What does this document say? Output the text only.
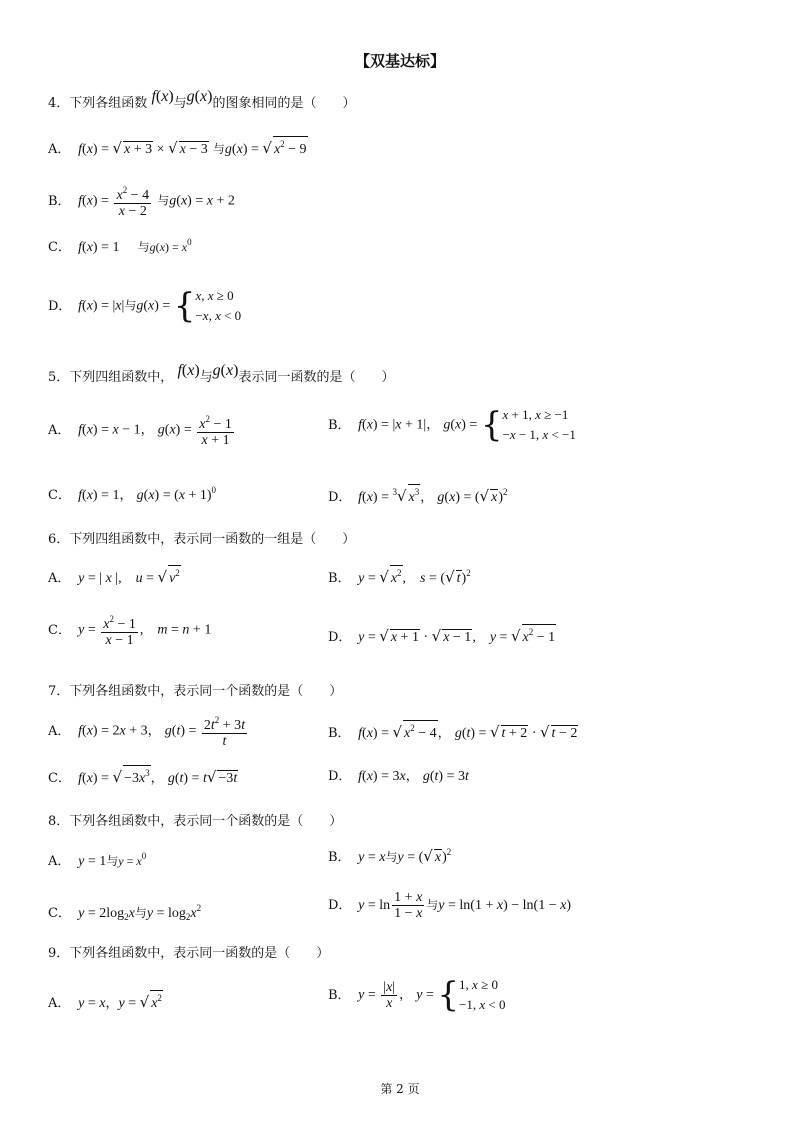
【双基达标】
4．下列各组函数 f(x)与g(x)的图象相同的是（　　）
A． f(x) = √ x + 3 × √ x − 3 与g(x) = √ $x^2 - 9$
B． $f(x) = \frac{x^2 - 4}{x - 2}$ 与g(x) = x + 2
C． f(x) = 1 与$g(x) = x^0$
D． f(x) = |x|与g(x) = { x, x ≥ 0
−x, x < 0
5．下列四组函数中， f(x)与g(x)表示同一函数的是（　　）
A． f(x) = x − 1， $g(x) = \frac{x^2 - 1}{x + 1}$	B． f(x) = |x + 1|， g(x) = { x + 1, x ≥ −1
−x − 1, x < −1
C． f(x) = 1， $g(x) = (x + 1)^0$	D． f(x) = $^3$√ $x^3$， g(x) = (√ x)$^2$
6．下列四组函数中，表示同一函数的一组是（　　）
A． y = | x |,　u = √ $v^2$	B． y = √ $x^2$,　s = (√ t)$^2$
C． $y = \frac{x^2 - 1}{x - 1}$ ,　m = n + 1	D． y = √ x + 1 · √ x − 1,　y = √ $x^2 - 1$
7．下列各组函数中，表示同一个函数的是（　　）
A． f(x) = 2x + 3， $g(t) = \frac{2t^2 + 3t}{t}$	B． f(x) = √ $x^2 - 4$， g(t) = √ t + 2 · √ t − 2
C． f(x) = √ $-3x^3$， g(t) = t√ −3t	D． f(x) = 3x， g(t) = 3t
8．下列各组函数中，表示同一个函数的是（　　）
A． y = 1与$y = x^0$	B． y = x与y = (√ x)$^2$
C． $y = 2\log_2x$与$y = \log_2x^2$	D． $y = \ln \frac{1 + x}{1 - x}$ 与y = ln(1 + x) − ln(1 − x)
9．下列各组函数中，表示同一函数的是（　　）
A． y = x，y = √ $x^2$	B． $y = \frac{|x|}{x}$ ， y = { 1, x ≥ 0
−1, x < 0
第 2 页
